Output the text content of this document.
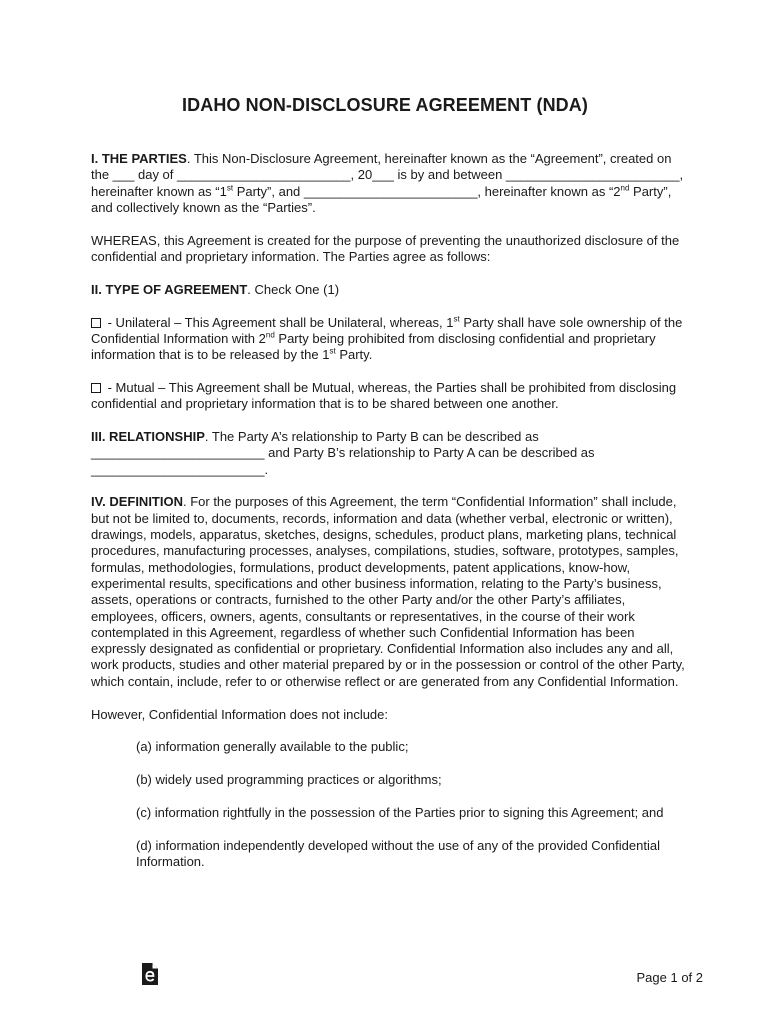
IDAHO NON-DISCLOSURE AGREEMENT (NDA)

I. THE PARTIES. This Non-Disclosure Agreement, hereinafter known as the “Agreement”, created on the ___ day of ________________________, 20___ is by and between ________________________, hereinafter known as “1st Party”, and ________________________, hereinafter known as “2nd Party”, and collectively known as the “Parties”.

WHEREAS, this Agreement is created for the purpose of preventing the unauthorized disclosure of the confidential and proprietary information. The Parties agree as follows:

II. TYPE OF AGREEMENT. Check One (1)

- Unilateral – This Agreement shall be Unilateral, whereas, 1st Party shall have sole ownership of the Confidential Information with 2nd Party being prohibited from disclosing confidential and proprietary information that is to be released by the 1st Party.

- Mutual – This Agreement shall be Mutual, whereas, the Parties shall be prohibited from disclosing confidential and proprietary information that is to be shared between one another.

III. RELATIONSHIP. The Party A’s relationship to Party B can be described as ________________________ and Party B’s relationship to Party A can be described as ________________________.

IV. DEFINITION. For the purposes of this Agreement, the term “Confidential Information” shall include, but not be limited to, documents, records, information and data (whether verbal, electronic or written), drawings, models, apparatus, sketches, designs, schedules, product plans, marketing plans, technical procedures, manufacturing processes, analyses, compilations, studies, software, prototypes, samples, formulas, methodologies, formulations, product developments, patent applications, know-how, experimental results, specifications and other business information, relating to the Party’s business, assets, operations or contracts, furnished to the other Party and/or the other Party’s affiliates, employees, officers, owners, agents, consultants or representatives, in the course of their work contemplated in this Agreement, regardless of whether such Confidential Information has been expressly designated as confidential or proprietary. Confidential Information also includes any and all, work products, studies and other material prepared by or in the possession or control of the other Party, which contain, include, refer to or otherwise reflect or are generated from any Confidential Information.

However, Confidential Information does not include:

(a) information generally available to the public;

(b) widely used programming practices or algorithms;

(c) information rightfully in the possession of the Parties prior to signing this Agreement; and

(d) information independently developed without the use of any of the provided Confidential Information.

Page 1 of 2
